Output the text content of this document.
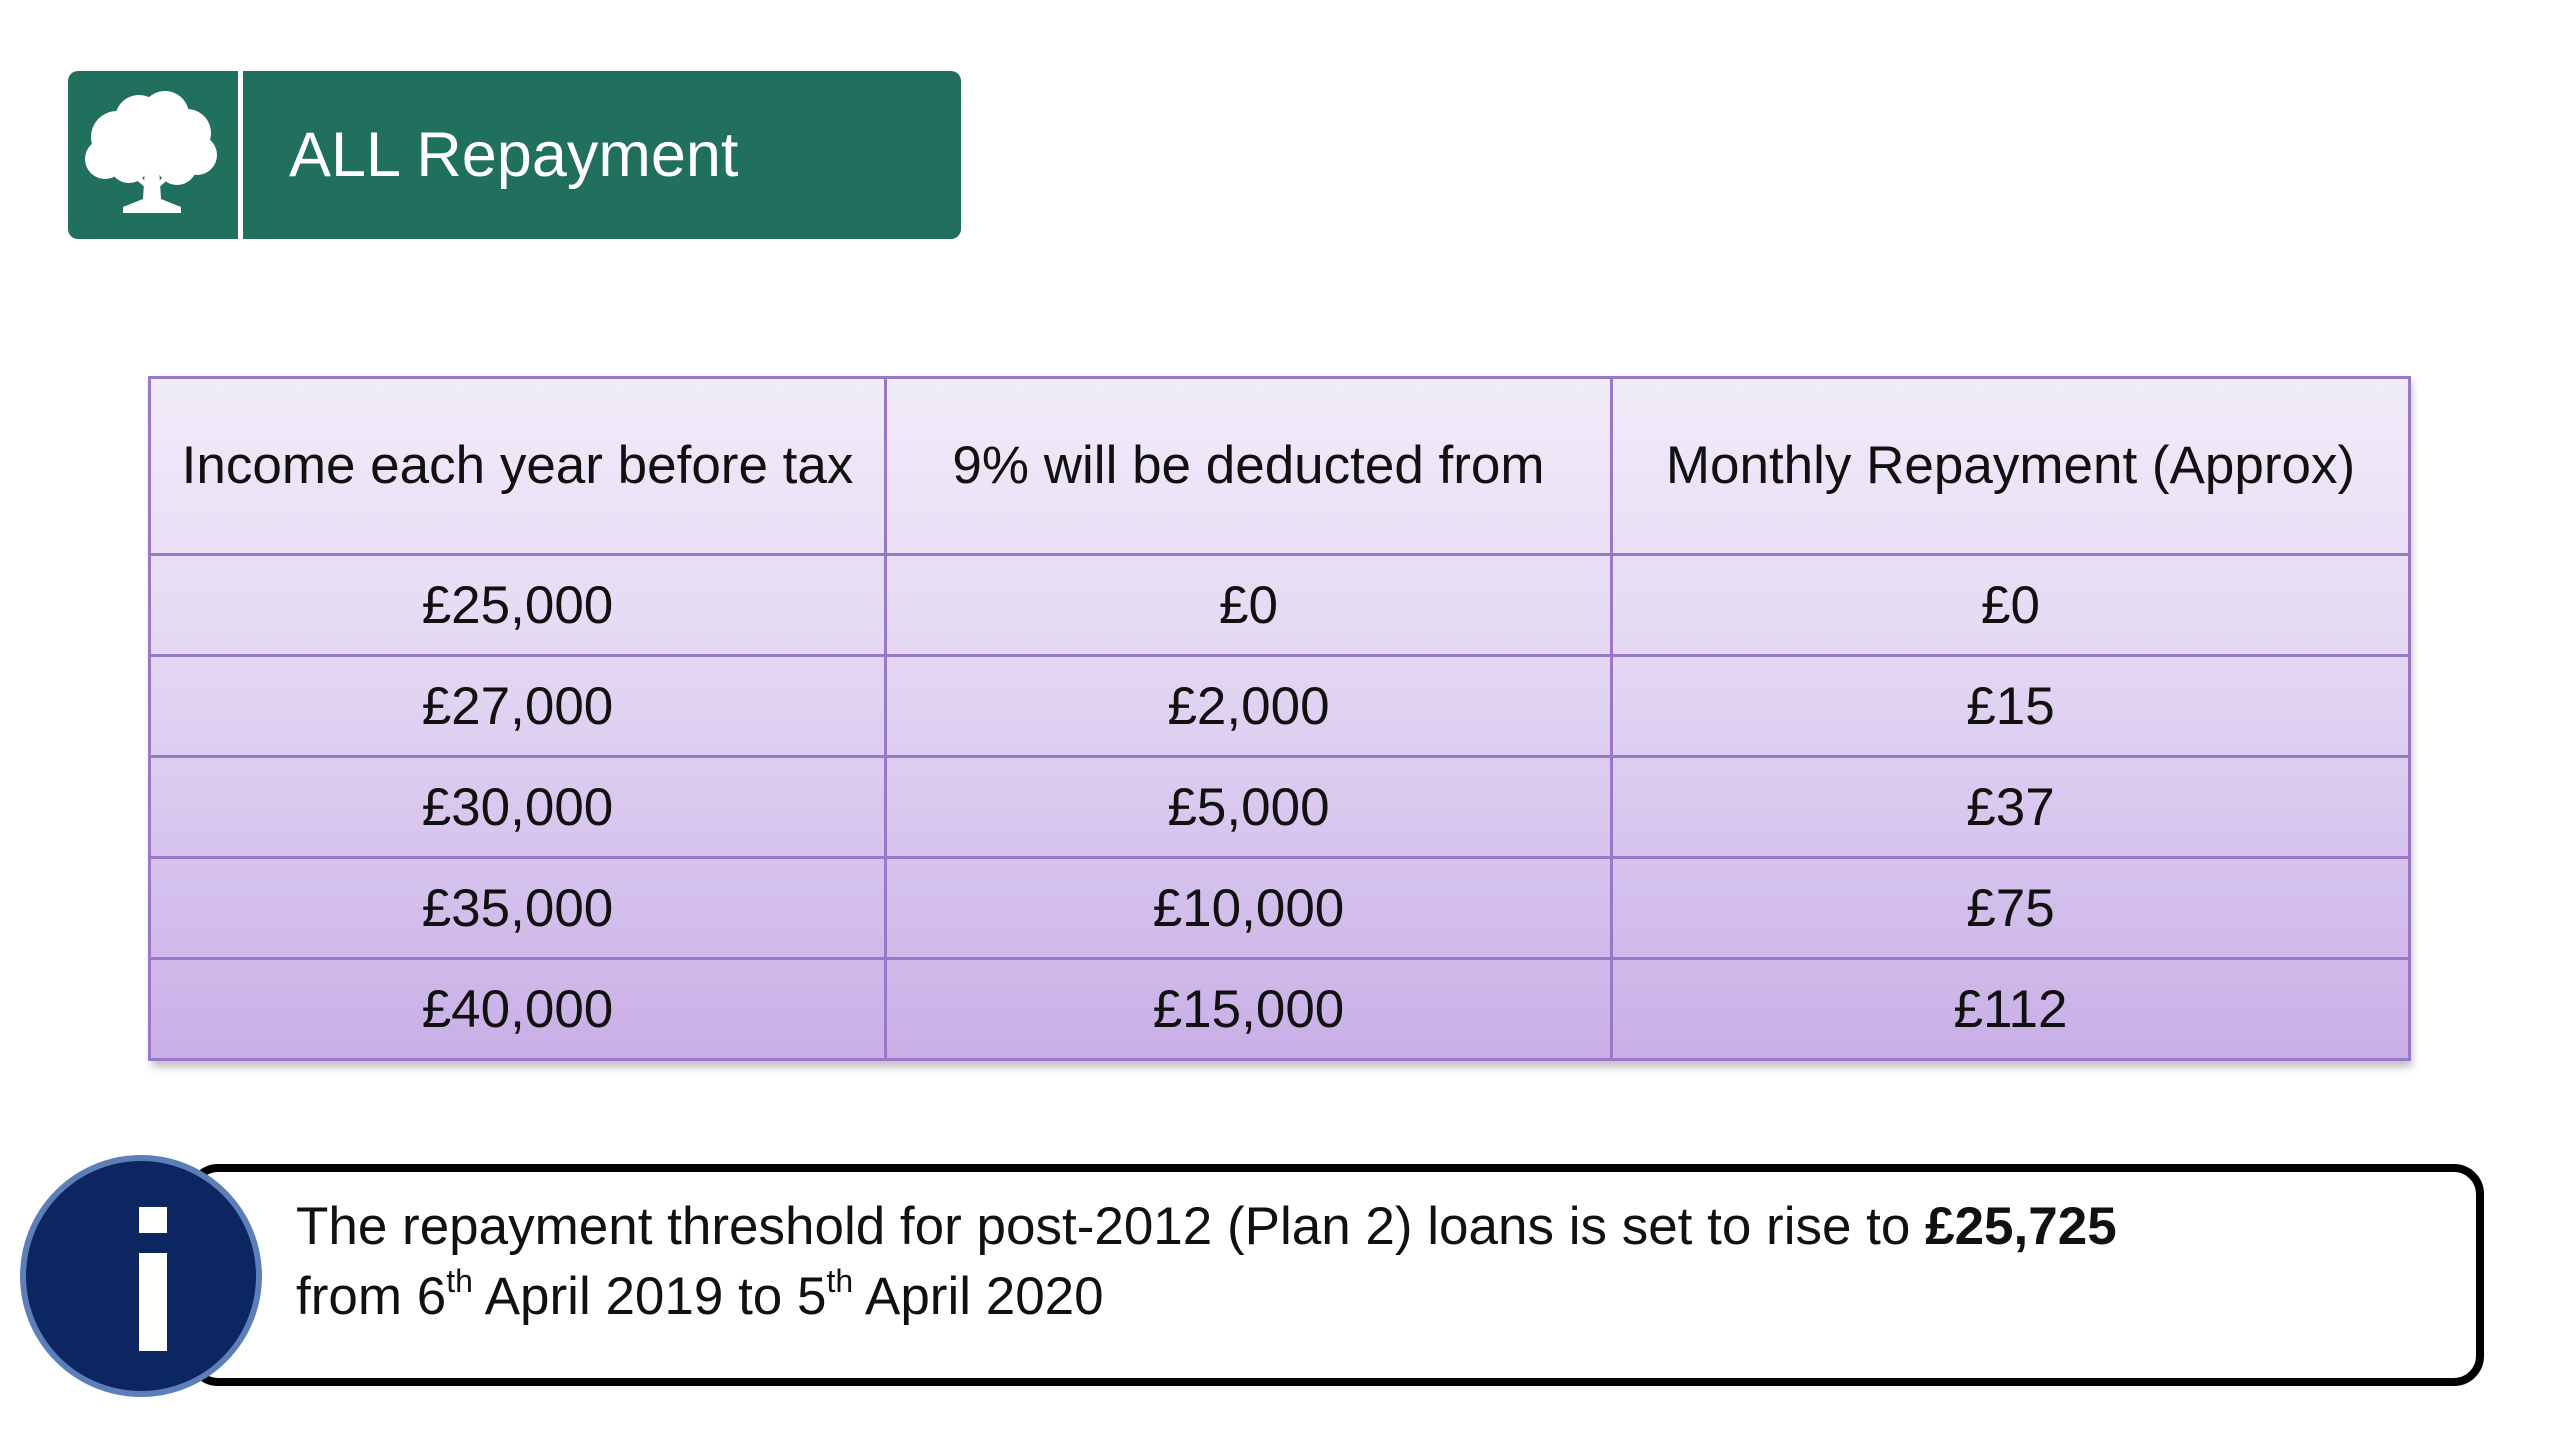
ALL Repayment
Income each year before tax	9% will be deducted from	Monthly Repayment (Approx)
£25,000	£0	£0
£27,000	£2,000	£15
£30,000	£5,000	£37
£35,000	£10,000	£75
£40,000	£15,000	£112
The repayment threshold for post-2012 (Plan 2) loans is set to rise to £25,725
from 6th April 2019 to 5th April 2020
